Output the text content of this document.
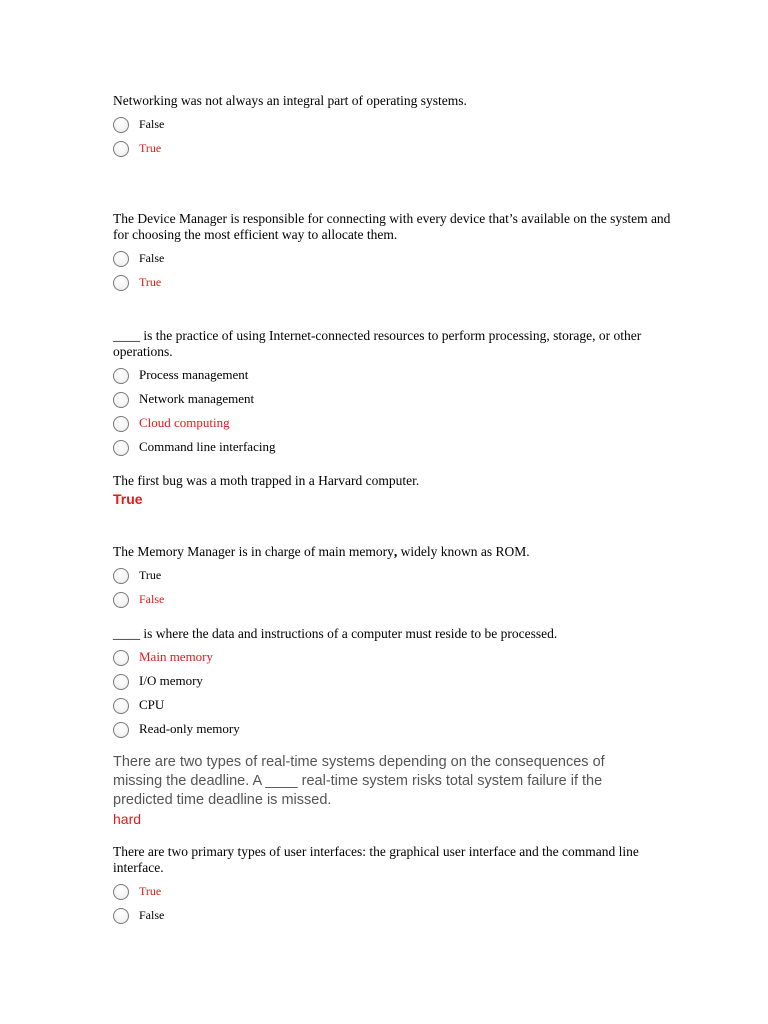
Networking was not always an integral part of operating systems.

False
True

The Device Manager is responsible for connecting with every device that’s available on the system and for choosing the most efficient way to allocate them.

False
True

____ is the practice of using Internet-connected resources to perform processing, storage, or other operations.

Process management
Network management
Cloud computing
Command line interfacing

The first bug was a moth trapped in a Harvard computer.

True

The Memory Manager is in charge of main memory, widely known as ROM.

True
False

____ is where the data and instructions of a computer must reside to be processed.

Main memory
I/O memory
CPU
Read-only memory

There are two types of real-time systems depending on the consequences of missing the deadline. A ____ real-time system risks total system failure if the predicted time deadline is missed.

hard

There are two primary types of user interfaces: the graphical user interface and the command line interface.

True
False
